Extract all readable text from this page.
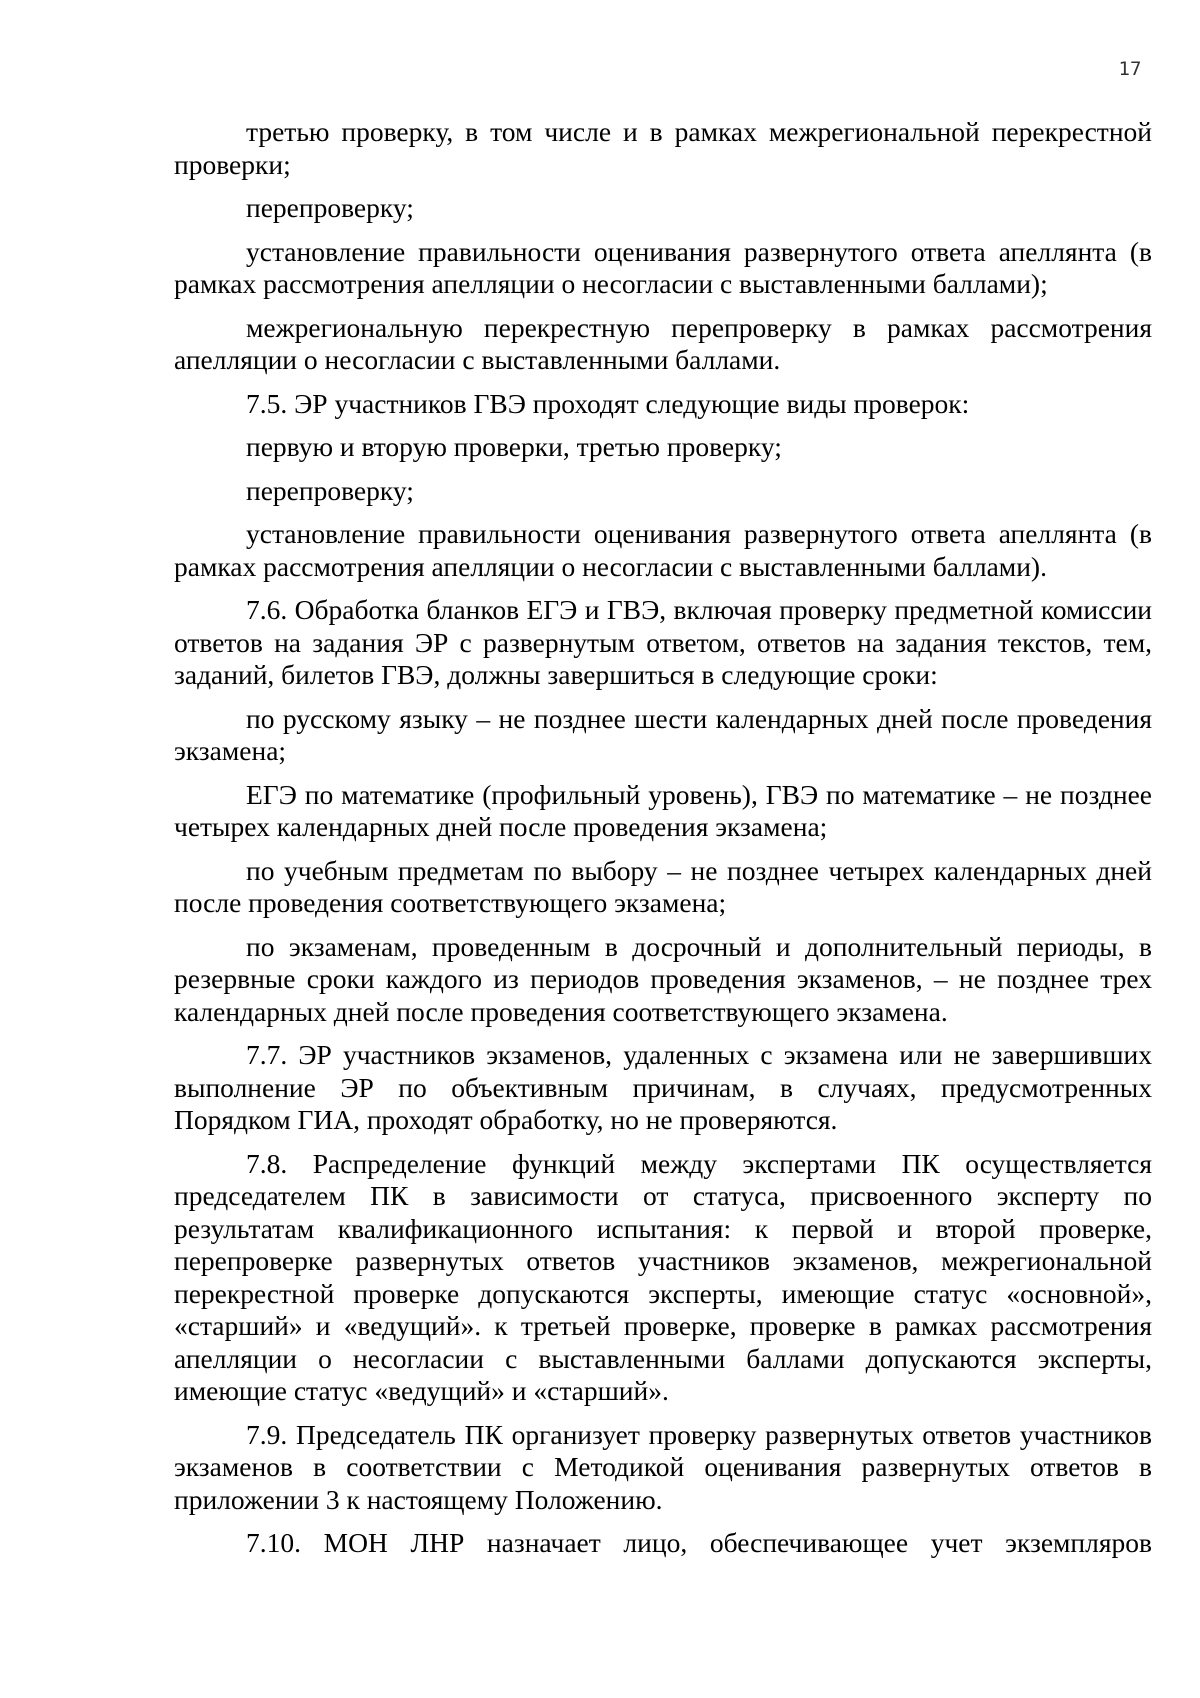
17

третью проверку, в том числе и в рамках межрегиональной перекрестной проверки;

перепроверку;

установление правильности оценивания развернутого ответа апеллянта (в рамках рассмотрения апелляции о несогласии с выставленными баллами);

межрегиональную перекрестную перепроверку в рамках рассмотрения апелляции о несогласии с выставленными баллами.

7.5. ЭР участников ГВЭ проходят следующие виды проверок:

первую и вторую проверки, третью проверку;

перепроверку;

установление правильности оценивания развернутого ответа апеллянта (в рамках рассмотрения апелляции о несогласии с выставленными баллами).

7.6. Обработка бланков ЕГЭ и ГВЭ, включая проверку предметной комиссии ответов на задания ЭР с развернутым ответом, ответов на задания текстов, тем, заданий, билетов ГВЭ, должны завершиться в следующие сроки:

по русскому языку – не позднее шести календарных дней после проведения экзамена;

ЕГЭ по математике (профильный уровень), ГВЭ по математике – не позднее четырех календарных дней после проведения экзамена;

по учебным предметам по выбору – не позднее четырех календарных дней после проведения соответствующего экзамена;

по экзаменам, проведенным в досрочный и дополнительный периоды, в резервные сроки каждого из периодов проведения экзаменов, – не позднее трех календарных дней после проведения соответствующего экзамена.

7.7. ЭР участников экзаменов, удаленных с экзамена или не завершивших выполнение ЭР по объективным причинам, в случаях, предусмотренных Порядком ГИА, проходят обработку, но не проверяются.

7.8. Распределение функций между экспертами ПК осуществляется председателем ПК в зависимости от статуса, присвоенного эксперту по результатам квалификационного испытания: к первой и второй проверке, перепроверке развернутых ответов участников экзаменов, межрегиональной перекрестной проверке допускаются эксперты, имеющие статус «основной», «старший» и «ведущий». к третьей проверке, проверке в рамках рассмотрения апелляции о несогласии с выставленными баллами допускаются эксперты, имеющие статус «ведущий» и «старший».

7.9. Председатель ПК организует проверку развернутых ответов участников экзаменов в соответствии с Методикой оценивания развернутых ответов в приложении 3 к настоящему Положению.

7.10. МОН ЛНР назначает лицо, обеспечивающее учет экземпляров
